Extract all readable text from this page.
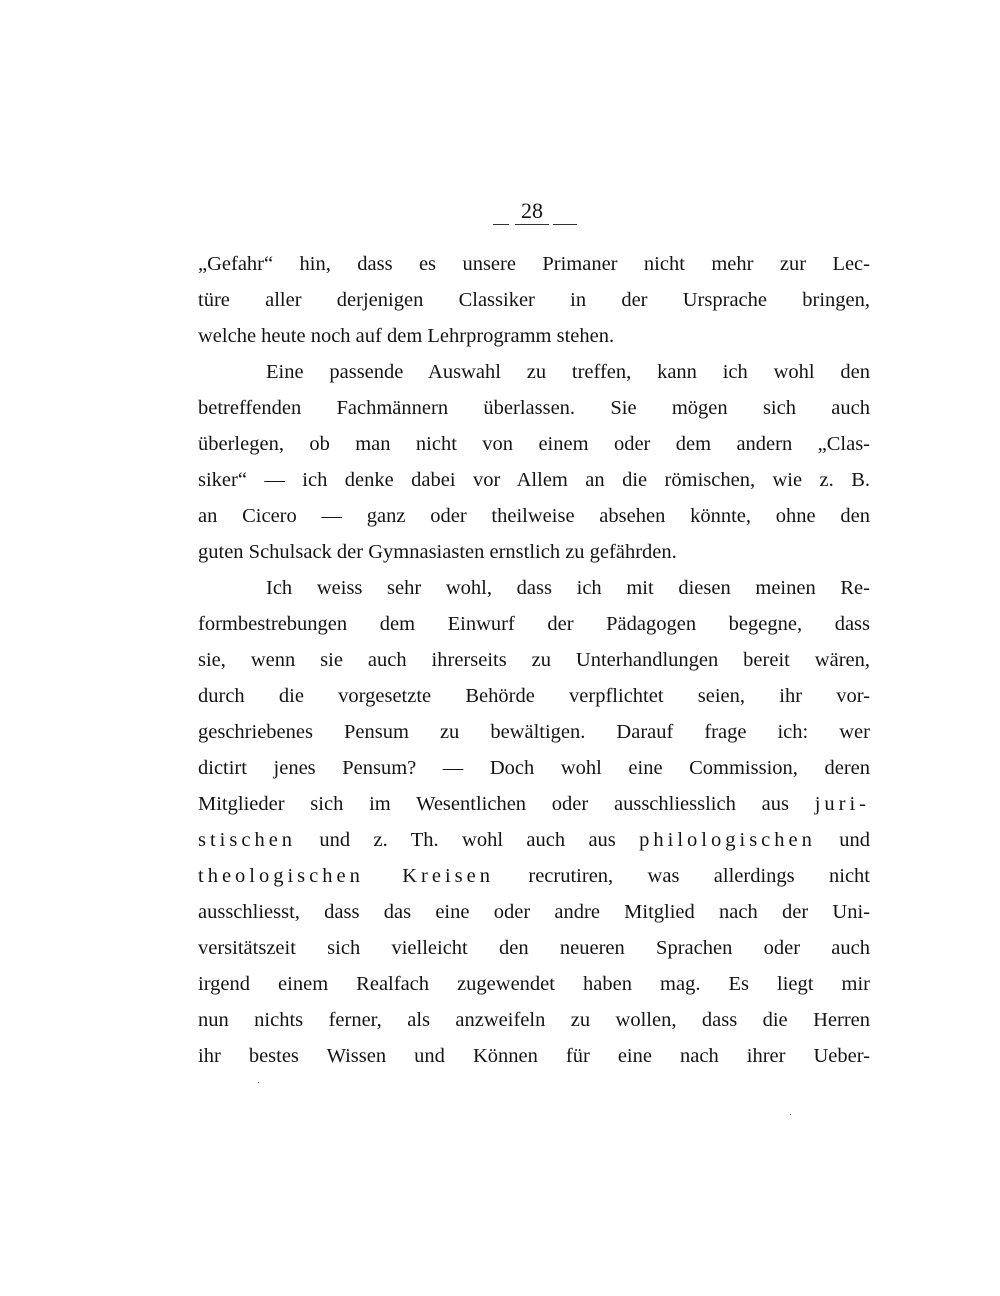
28
„Gefahr“ hin, dass es unsere Primaner nicht mehr zur Lec-
türe aller derjenigen Classiker in der Ursprache bringen,
welche heute noch auf dem Lehrprogramm stehen.
Eine passende Auswahl zu treffen, kann ich wohl den
betreffenden Fachmännern überlassen. Sie mögen sich auch
überlegen, ob man nicht von einem oder dem andern „Clas-
siker“ — ich denke dabei vor Allem an die römischen, wie z. B.
an Cicero — ganz oder theilweise absehen könnte, ohne den
guten Schulsack der Gymnasiasten ernstlich zu gefährden.
Ich weiss sehr wohl, dass ich mit diesen meinen Re-
formbestrebungen dem Einwurf der Pädagogen begegne, dass
sie, wenn sie auch ihrerseits zu Unterhandlungen bereit wären,
durch die vorgesetzte Behörde verpflichtet seien, ihr vor-
geschriebenes Pensum zu bewältigen. Darauf frage ich: wer
dictirt jenes Pensum? — Doch wohl eine Commission, deren
Mitglieder sich im Wesentlichen oder ausschliesslich aus juri-
stischen und z. Th. wohl auch aus philologischen und
theologischen Kreisen recrutiren, was allerdings nicht
ausschliesst, dass das eine oder andre Mitglied nach der Uni-
versitätszeit sich vielleicht den neueren Sprachen oder auch
irgend einem Realfach zugewendet haben mag. Es liegt mir
nun nichts ferner, als anzweifeln zu wollen, dass die Herren
ihr bestes Wissen und Können für eine nach ihrer Ueber-
